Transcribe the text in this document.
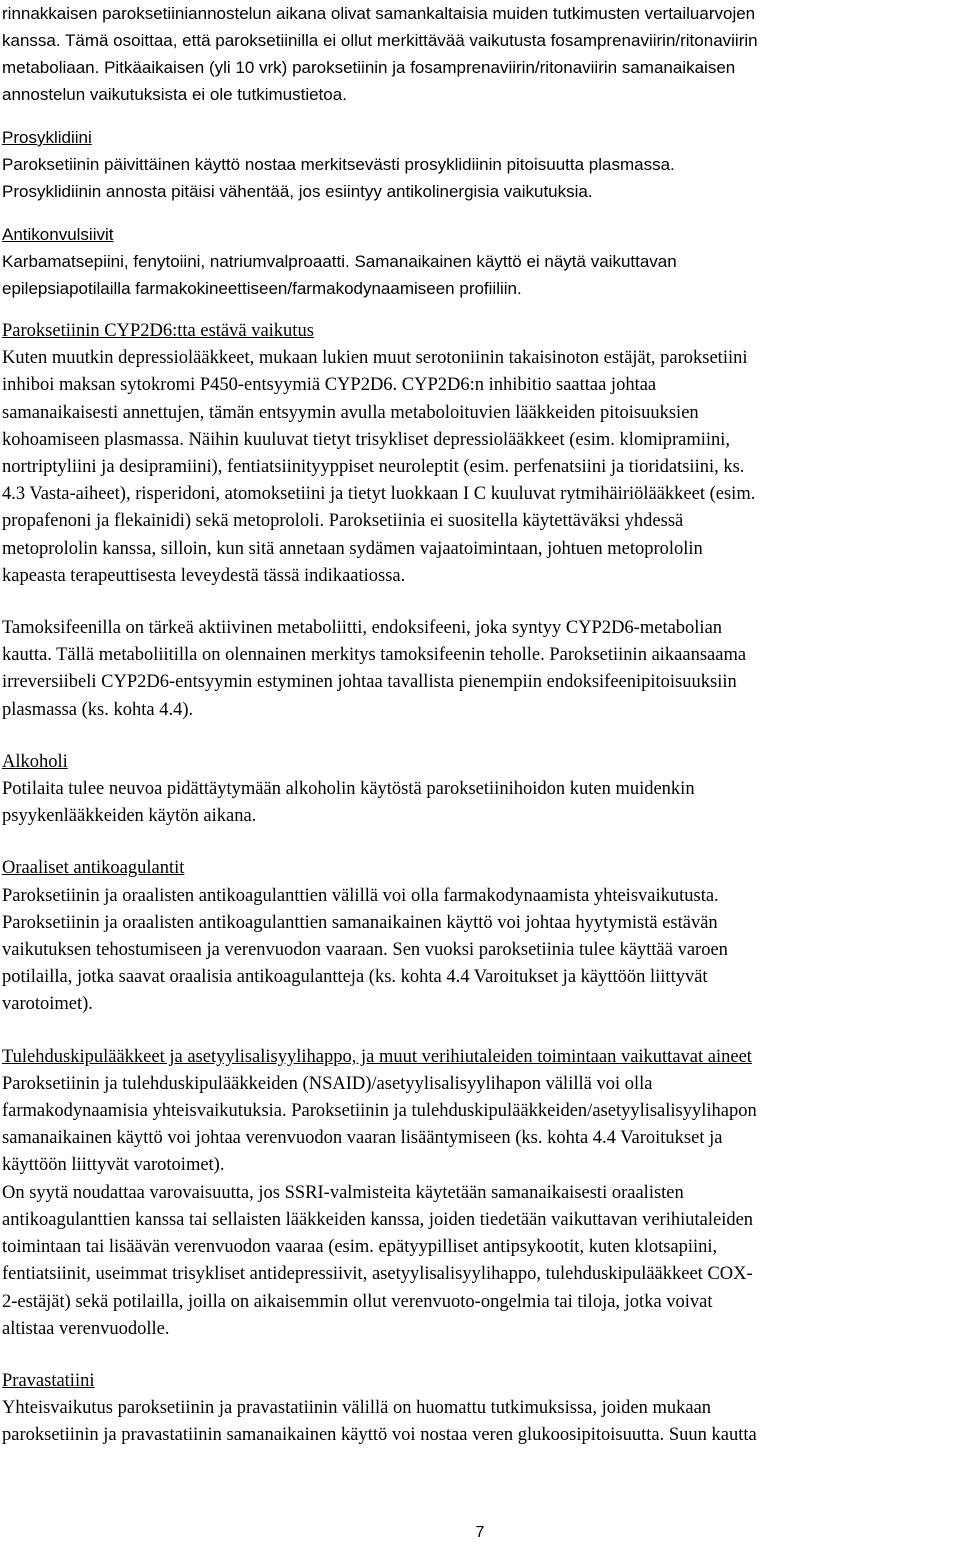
rinnakkaisen paroksetiiniannostelun aikana olivat samankaltaisia muiden tutkimusten vertailuarvojen

kanssa. Tämä osoittaa, että paroksetiinilla ei ollut merkittävää vaikutusta fosamprenaviirin/ritonaviirin

metaboliaan. Pitkäaikaisen (yli 10 vrk) paroksetiinin ja fosamprenaviirin/ritonaviirin samanaikaisen

annostelun vaikutuksista ei ole tutkimustietoa.

Prosyklidiini

Paroksetiinin päivittäinen käyttö nostaa merkitsevästi prosyklidiinin pitoisuutta plasmassa.

Prosyklidiinin annosta pitäisi vähentää, jos esiintyy antikolinergisia vaikutuksia.

Antikonvulsiivit

Karbamatsepiini, fenytoiini, natriumvalproaatti. Samanaikainen käyttö ei näytä vaikuttavan

epilepsiapotilailla farmakokineettiseen/farmakodynaamiseen profiiliin.

Paroksetiinin CYP2D6:tta estävä vaikutus

Kuten muutkin depressiolääkkeet, mukaan lukien muut serotoniinin takaisinoton estäjät, paroksetiini

inhiboi maksan sytokromi P450-entsyymiä CYP2D6. CYP2D6:n inhibitio saattaa johtaa

samanaikaisesti annettujen, tämän entsyymin avulla metaboloituvien lääkkeiden pitoisuuksien

kohoamiseen plasmassa. Näihin kuuluvat tietyt trisykliset depressiolääkkeet (esim. klomipramiini,

nortriptyliini ja desipramiini), fentiatsiinityyppiset neuroleptit (esim. perfenatsiini ja tioridatsiini, ks.

4.3 Vasta-aiheet), risperidoni, atomoksetiini ja tietyt luokkaan I C kuuluvat rytmihäiriölääkkeet (esim.

propafenoni ja flekainidi) sekä metoprololi. Paroksetiinia ei suositella käytettäväksi yhdessä

metoprololin kanssa, silloin, kun sitä annetaan sydämen vajaatoimintaan, johtuen metoprololin

kapeasta terapeuttisesta leveydestä tässä indikaatiossa.

Tamoksifeenilla on tärkeä aktiivinen metaboliitti, endoksifeeni, joka syntyy CYP2D6-metabolian

kautta. Tällä metaboliitilla on olennainen merkitys tamoksifeenin teholle. Paroksetiinin aikaansaama

irreversiibeli CYP2D6-entsyymin estyminen johtaa tavallista pienempiin endoksifeenipitoisuuksiin

plasmassa (ks. kohta 4.4).

Alkoholi

Potilaita tulee neuvoa pidättäytymään alkoholin käytöstä paroksetiinihoidon kuten muidenkin

psyykenlääkkeiden käytön aikana.

Oraaliset antikoagulantit

Paroksetiinin ja oraalisten antikoagulanttien välillä voi olla farmakodynaamista yhteisvaikutusta.

Paroksetiinin ja oraalisten antikoagulanttien samanaikainen käyttö voi johtaa hyytymistä estävän

vaikutuksen tehostumiseen ja verenvuodon vaaraan. Sen vuoksi paroksetiinia tulee käyttää varoen

potilailla, jotka saavat oraalisia antikoagulantteja (ks. kohta 4.4 Varoitukset ja käyttöön liittyvät

varotoimet).

Tulehduskipulääkkeet ja asetyylisalisyylihappo, ja muut verihiutaleiden toimintaan vaikuttavat aineet

Paroksetiinin ja tulehduskipulääkkeiden (NSAID)/asetyylisalisyylihapon välillä voi olla

farmakodynaamisia yhteisvaikutuksia. Paroksetiinin ja tulehduskipulääkkeiden/asetyylisalisyylihapon

samanaikainen käyttö voi johtaa verenvuodon vaaran lisääntymiseen (ks. kohta 4.4 Varoitukset ja

käyttöön liittyvät varotoimet).

On syytä noudattaa varovaisuutta, jos SSRI-valmisteita käytetään samanaikaisesti oraalisten

antikoagulanttien kanssa tai sellaisten lääkkeiden kanssa, joiden tiedetään vaikuttavan verihiutaleiden

toimintaan tai lisäävän verenvuodon vaaraa (esim. epätyypilliset antipsykootit, kuten klotsapiini,

fentiatsiinit, useimmat trisykliset antidepressiivit, asetyylisalisyylihappo, tulehduskipulääkkeet COX-

2-estäjät) sekä potilailla, joilla on aikaisemmin ollut verenvuoto-ongelmia tai tiloja, jotka voivat

altistaa verenvuodolle.

Pravastatiini

Yhteisvaikutus paroksetiinin ja pravastatiinin välillä on huomattu tutkimuksissa, joiden mukaan

paroksetiinin ja pravastatiinin samanaikainen käyttö voi nostaa veren glukoosipitoisuutta. Suun kautta

7
